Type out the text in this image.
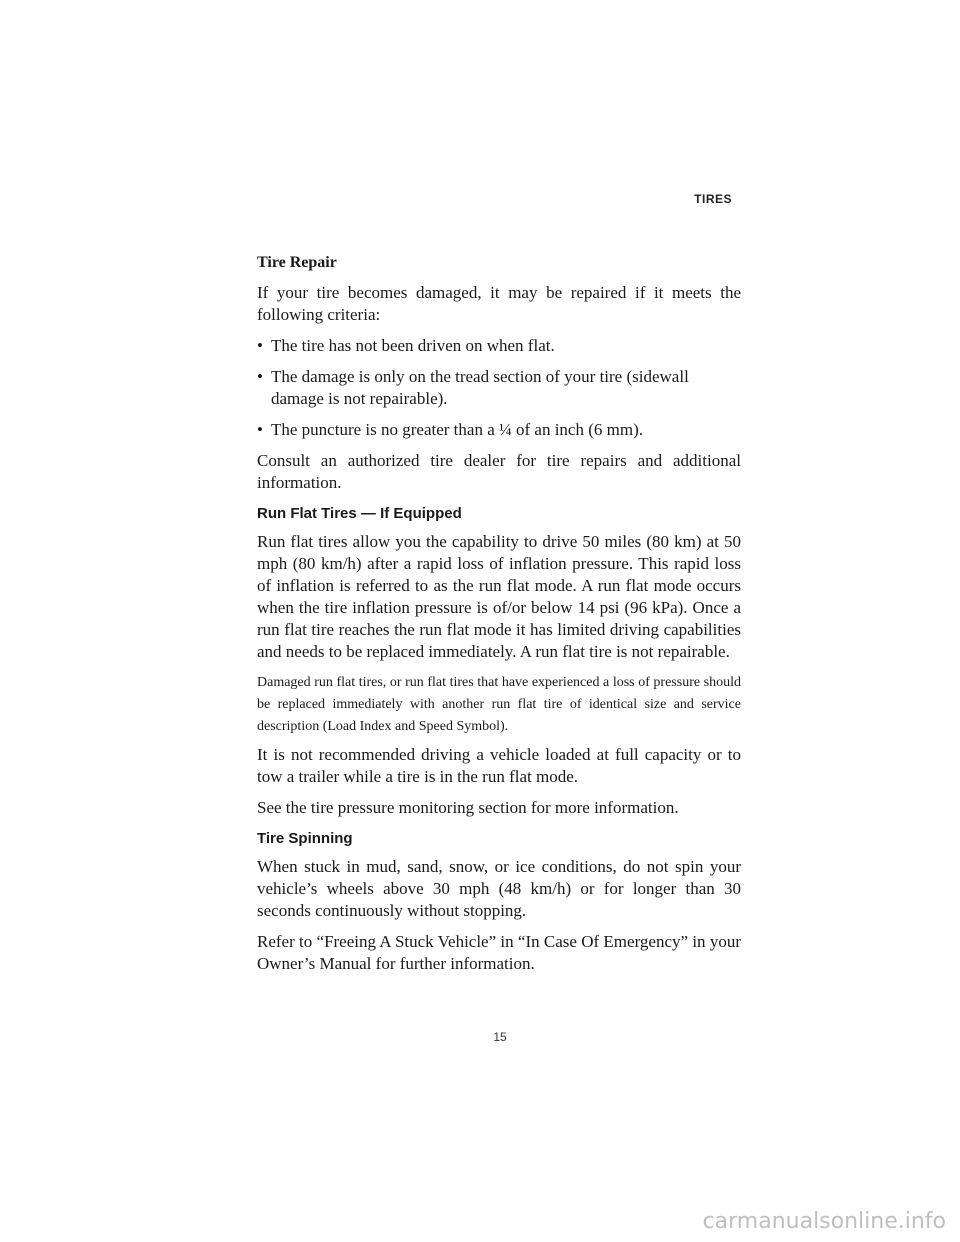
TIRES
Tire Repair

If your tire becomes damaged, it may be repaired if it meets the following criteria:

• The tire has not been driven on when flat.
• The damage is only on the tread section of your tire (sidewall damage is not repairable).
• The puncture is no greater than a ¼ of an inch (6 mm).

Consult an authorized tire dealer for tire repairs and additional information.

Run Flat Tires — If Equipped

Run flat tires allow you the capability to drive 50 miles (80 km) at 50 mph (80 km/h) after a rapid loss of inflation pressure. This rapid loss of inflation is referred to as the run flat mode. A run flat mode occurs when the tire inflation pressure is of/or below 14 psi (96 kPa). Once a run flat tire reaches the run flat mode it has limited driving capabilities and needs to be replaced immediately. A run flat tire is not repairable.

Damaged run flat tires, or run flat tires that have experienced a loss of pressure should be replaced immediately with another run flat tire of identical size and service description (Load Index and Speed Symbol).

It is not recommended driving a vehicle loaded at full capacity or to tow a trailer while a tire is in the run flat mode.

See the tire pressure monitoring section for more information.

Tire Spinning

When stuck in mud, sand, snow, or ice conditions, do not spin your vehicle’s wheels above 30 mph (48 km/h) or for longer than 30 seconds continuously without stopping.

Refer to “Freeing A Stuck Vehicle” in “In Case Of Emergency” in your Owner’s Manual for further information.

15
carmanualsonline.info
